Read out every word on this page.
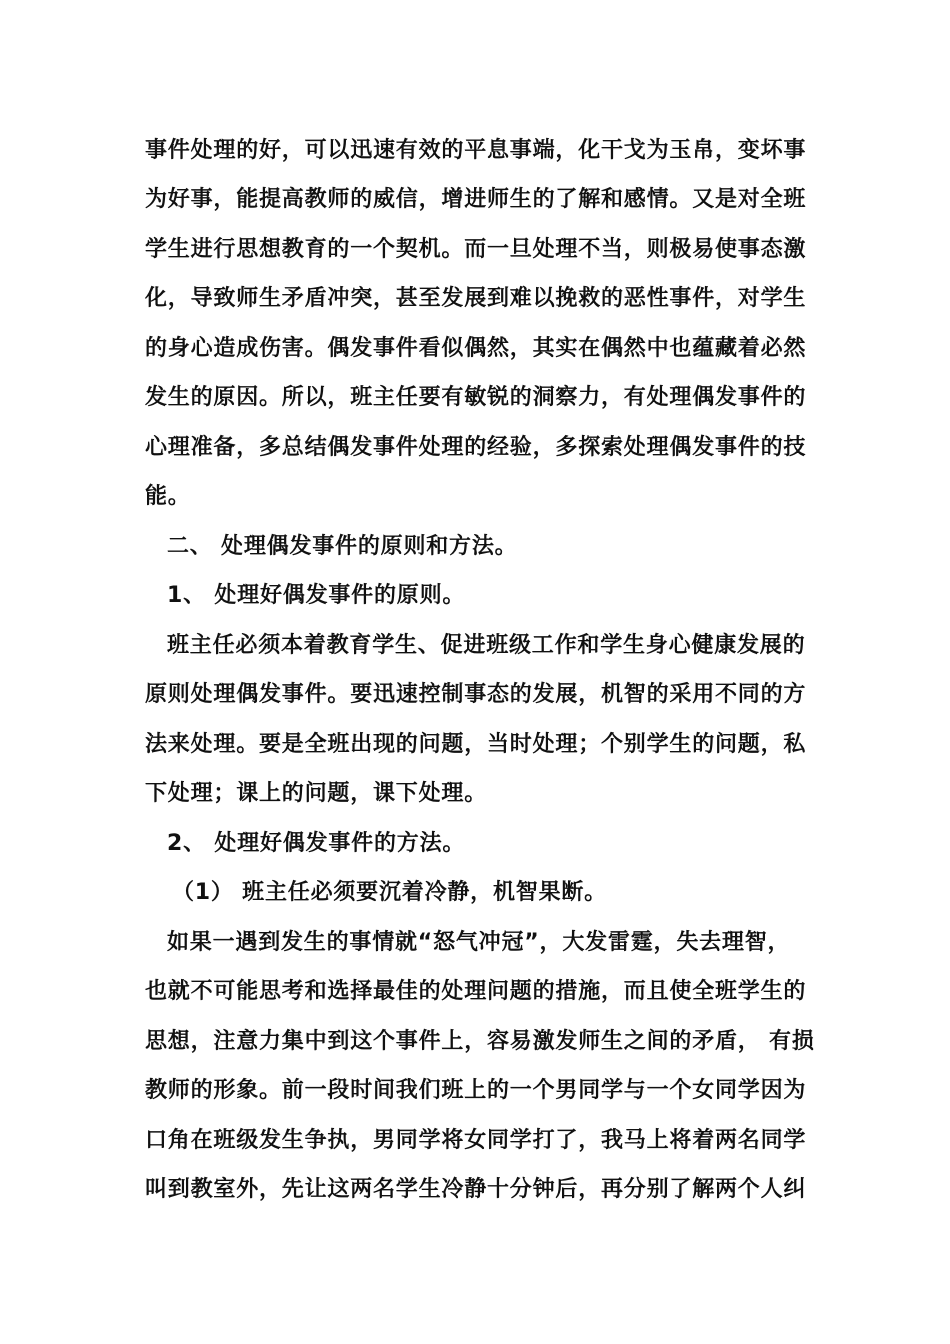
事件处理的好，可以迅速有效的平息事端，化干戈为玉帛，变坏事
为好事，能提高教师的威信，增进师生的了解和感情。又是对全班
学生进行思想教育的一个契机。而一旦处理不当，则极易使事态激
化，导致师生矛盾冲突，甚至发展到难以挽救的恶性事件，对学生
的身心造成伤害。偶发事件看似偶然，其实在偶然中也蕴藏着必然
发生的原因。所以，班主任要有敏锐的洞察力，有处理偶发事件的
心理准备，多总结偶发事件处理的经验，多探索处理偶发事件的技
能。
二、 处理偶发事件的原则和方法。
1、 处理好偶发事件的原则。
班主任必须本着教育学生、促进班级工作和学生身心健康发展的
原则处理偶发事件。要迅速控制事态的发展，机智的采用不同的方
法来处理。要是全班出现的问题，当时处理；个别学生的问题，私
下处理；课上的问题，课下处理。
2、 处理好偶发事件的方法。
（1） 班主任必须要沉着冷静，机智果断。
如果一遇到发生的事情就“怒气冲冠”，大发雷霆，失去理智，
也就不可能思考和选择最佳的处理问题的措施，而且使全班学生的
思想，注意力集中到这个事件上，容易激发师生之间的矛盾， 有损
教师的形象。前一段时间我们班上的一个男同学与一个女同学因为
口角在班级发生争执，男同学将女同学打了，我马上将着两名同学
叫到教室外，先让这两名学生冷静十分钟后，再分别了解两个人纠
